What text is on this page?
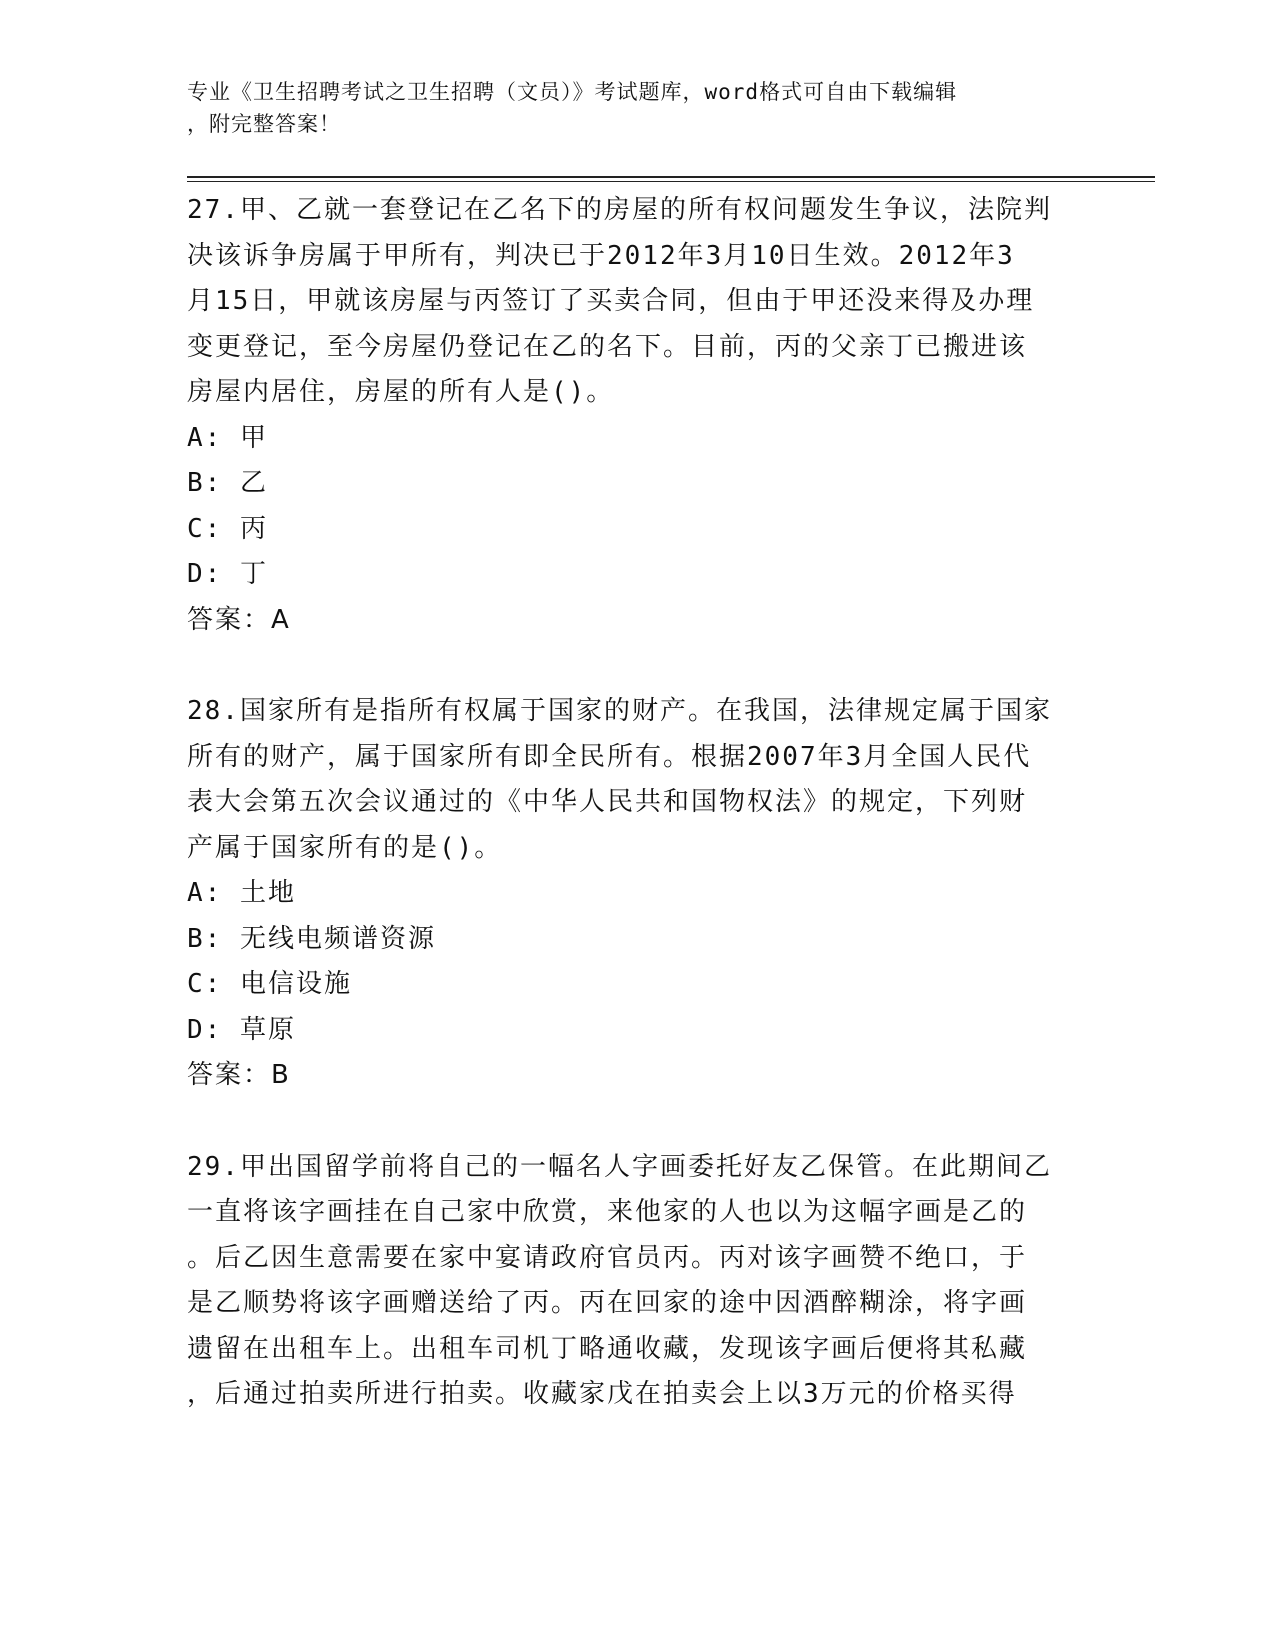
专业《卫生招聘考试之卫生招聘（文员）》考试题库，word格式可自由下载编辑
，附完整答案！
27.甲、乙就一套登记在乙名下的房屋的所有权问题发生争议，法院判
决该诉争房属于甲所有，判决已于2012年3月10日生效。2012年3
月15日，甲就该房屋与丙签订了买卖合同，但由于甲还没来得及办理
变更登记，至今房屋仍登记在乙的名下。目前，丙的父亲丁已搬进该
房屋内居住，房屋的所有人是()。
A: 甲
B: 乙
C: 丙
D: 丁
答案：A
28.国家所有是指所有权属于国家的财产。在我国，法律规定属于国家
所有的财产，属于国家所有即全民所有。根据2007年3月全国人民代
表大会第五次会议通过的《中华人民共和国物权法》的规定，下列财
产属于国家所有的是()。
A: 土地
B: 无线电频谱资源
C: 电信设施
D: 草原
答案：B
29.甲出国留学前将自己的一幅名人字画委托好友乙保管。在此期间乙
一直将该字画挂在自己家中欣赏，来他家的人也以为这幅字画是乙的
。后乙因生意需要在家中宴请政府官员丙。丙对该字画赞不绝口，于
是乙顺势将该字画赠送给了丙。丙在回家的途中因酒醉糊涂，将字画
遗留在出租车上。出租车司机丁略通收藏，发现该字画后便将其私藏
，后通过拍卖所进行拍卖。收藏家戊在拍卖会上以3万元的价格买得
